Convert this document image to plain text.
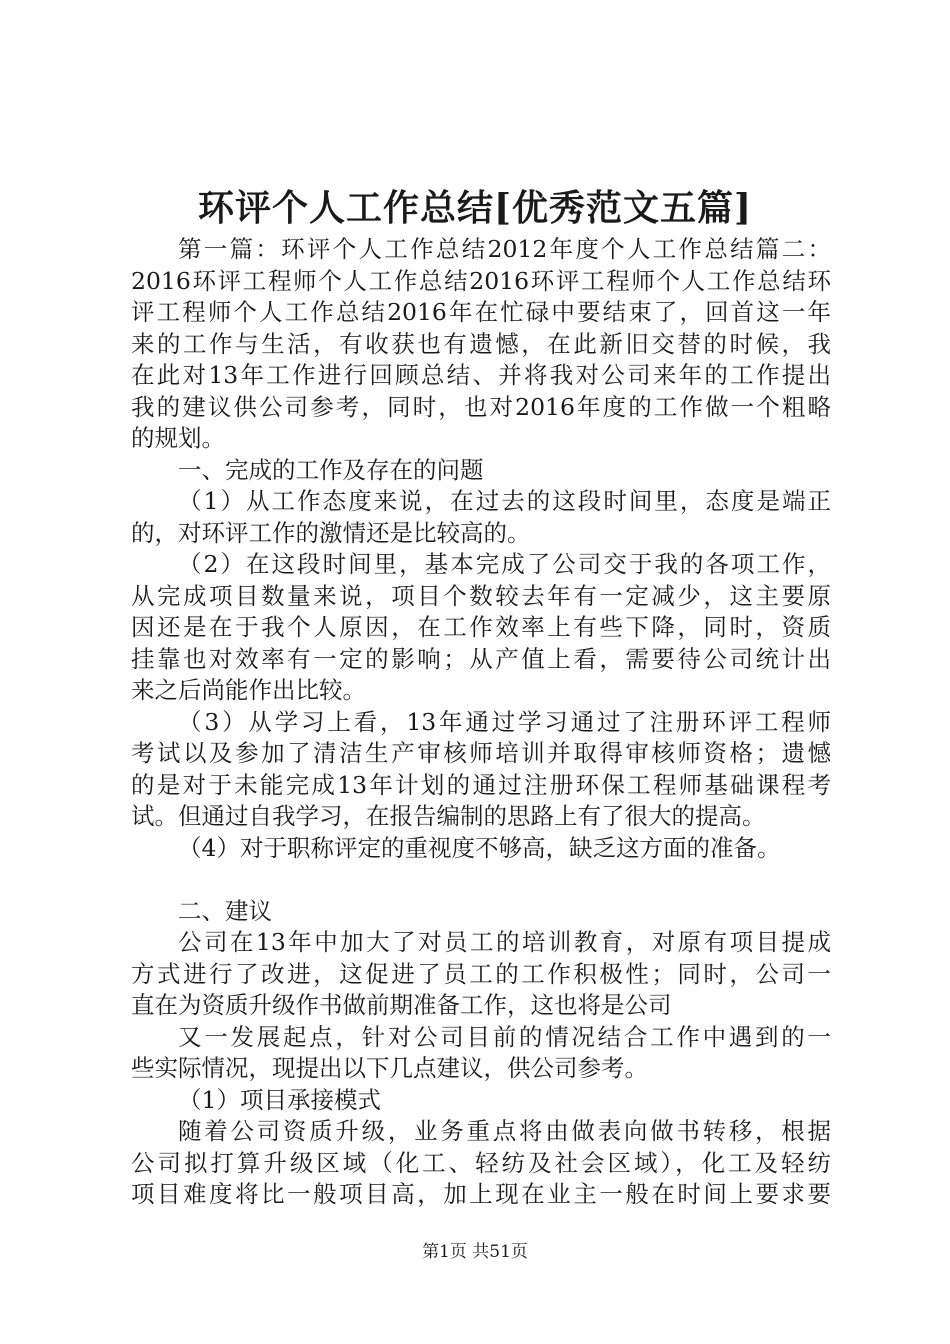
环评个人工作总结[优秀范文五篇]
第一篇：环评个人工作总结2012年度个人工作总结篇二：
2016环评工程师个人工作总结2016环评工程师个人工作总结环
评工程师个人工作总结2016年在忙碌中要结束了，回首这一年
来的工作与生活，有收获也有遗憾，在此新旧交替的时候，我
在此对13年工作进行回顾总结、并将我对公司来年的工作提出
我的建议供公司参考，同时，也对2016年度的工作做一个粗略
的规划。
一、完成的工作及存在的问题
（1）从工作态度来说，在过去的这段时间里，态度是端正
的，对环评工作的激情还是比较高的。
（2）在这段时间里，基本完成了公司交于我的各项工作，
从完成项目数量来说，项目个数较去年有一定减少，这主要原
因还是在于我个人原因，在工作效率上有些下降，同时，资质
挂靠也对效率有一定的影响；从产值上看，需要待公司统计出
来之后尚能作出比较。
（3）从学习上看，13年通过学习通过了注册环评工程师
考试以及参加了清洁生产审核师培训并取得审核师资格；遗憾
的是对于未能完成13年计划的通过注册环保工程师基础课程考
试。但通过自我学习，在报告编制的思路上有了很大的提高。
（4）对于职称评定的重视度不够高，缺乏这方面的准备。
二、建议
公司在13年中加大了对员工的培训教育，对原有项目提成
方式进行了改进，这促进了员工的工作积极性；同时，公司一
直在为资质升级作书做前期准备工作，这也将是公司
又一发展起点，针对公司目前的情况结合工作中遇到的一
些实际情况，现提出以下几点建议，供公司参考。
（1）项目承接模式
随着公司资质升级，业务重点将由做表向做书转移，根据
公司拟打算升级区域（化工、轻纺及社会区域），化工及轻纺
项目难度将比一般项目高，加上现在业主一般在时间上要求要
第1页 共51页
